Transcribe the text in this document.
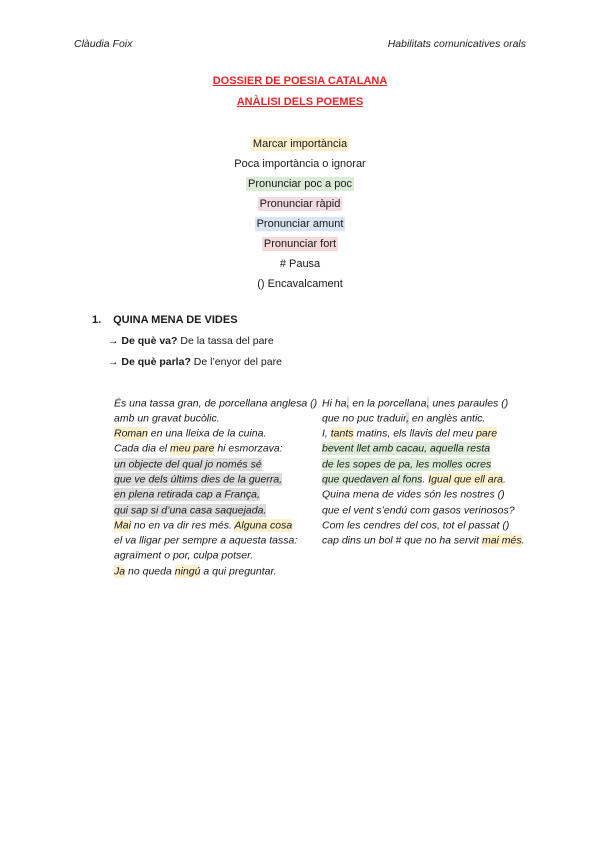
Clàudia Foix	Habilitats comunicatives orals
DOSSIER DE POESIA CATALANA
ANÀLISI DELS POEMES
Marcar importància
Poca importància o ignorar
Pronunciar poc a poc
Pronunciar ràpid
Pronunciar amunt
Pronunciar fort
# Pausa
() Encavalcament
1. QUINA MENA DE VIDES
→ De què va? De la tassa del pare
→ De què parla? De l’enyor del pare
És una tassa gran, de porcellana anglesa ()
amb un gravat bucòlic.
Roman en una lleixa de la cuina.
Cada dia el meu pare hi esmorzava:
un objecte del qual jo només sé
que ve dels últims dies de la guerra,
en plena retirada cap a França,
qui sap si d’una casa saquejada.
Mai no en va dir res més. Alguna cosa
el va lligar per sempre a aquesta tassa:
agraïment o por, culpa potser.
Ja no queda ningú a qui preguntar.
Hi ha, en la porcellana, unes paraules ()
que no puc traduir, en anglès antic.
I, tants matins, els llavis del meu pare
bevent llet amb cacau, aquella resta
de les sopes de pa, les molles ocres
que quedaven al fons. Igual que ell ara.
Quina mena de vides són les nostres ()
que el vent s’endú com gasos verinosos?
Com les cendres del cos, tot el passat ()
cap dins un bol # que no ha servit mai més.
